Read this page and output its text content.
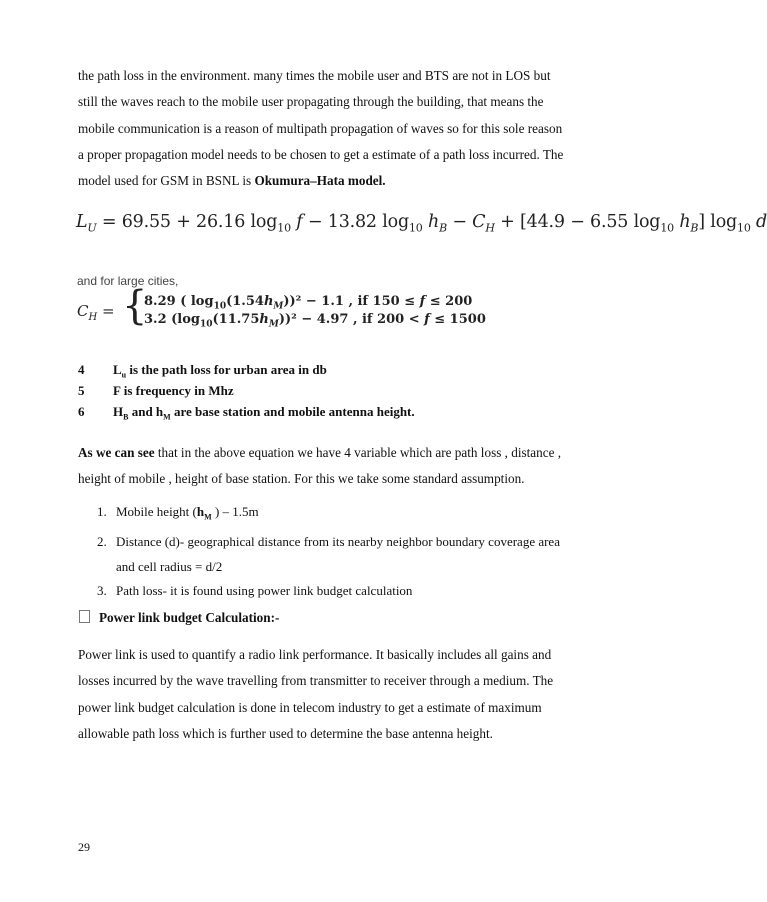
the path loss in the environment. many times the mobile user and BTS are not in LOS but still the waves reach to the mobile user propagating through the building, that means the mobile communication is a reason of multipath propagation of waves so for this sole reason a proper propagation model needs to be chosen to get a estimate of a path loss incurred. The model used for GSM in BSNL is Okumura–Hata model.

$L_U = 69.55 + 26.16$ $\log_{10} f - 13.82$ $\log_{10} h_B - C_H + [44.9 - 6.55$ $\log_{10} h_B$] $\log_{10} d$
and for large cities,
$C_H$ = {
8.29 ( $\log_{10}(1.54h_M))^2 - 1.1$ , if 150 ≤ f ≤ 200
3.2 $(\log_{10}(11.75h_M))^2 - 4.97$ , if 200 < f ≤ 1500
4 $L_u$ is the path loss for urban area in db
5 F is frequency in Mhz
6 $H_B$ and $h_M$ are base station and mobile antenna height.

As we can see that in the above equation we have 4 variable which are path loss , distance , height of mobile , height of base station. For this we take some standard assumption.

1. Mobile height ($h_M$ ) – 1.5m
2. Distance (d)- geographical distance from its nearby neighbor boundary coverage area and cell radius = d/2
3. Path loss- it is found using power link budget calculation
Power link budget Calculation:-

Power link is used to quantify a radio link performance. It basically includes all gains and losses incurred by the wave travelling from transmitter to receiver through a medium. The power link budget calculation is done in telecom industry to get a estimate of maximum allowable path loss which is further used to determine the base antenna height.

29
